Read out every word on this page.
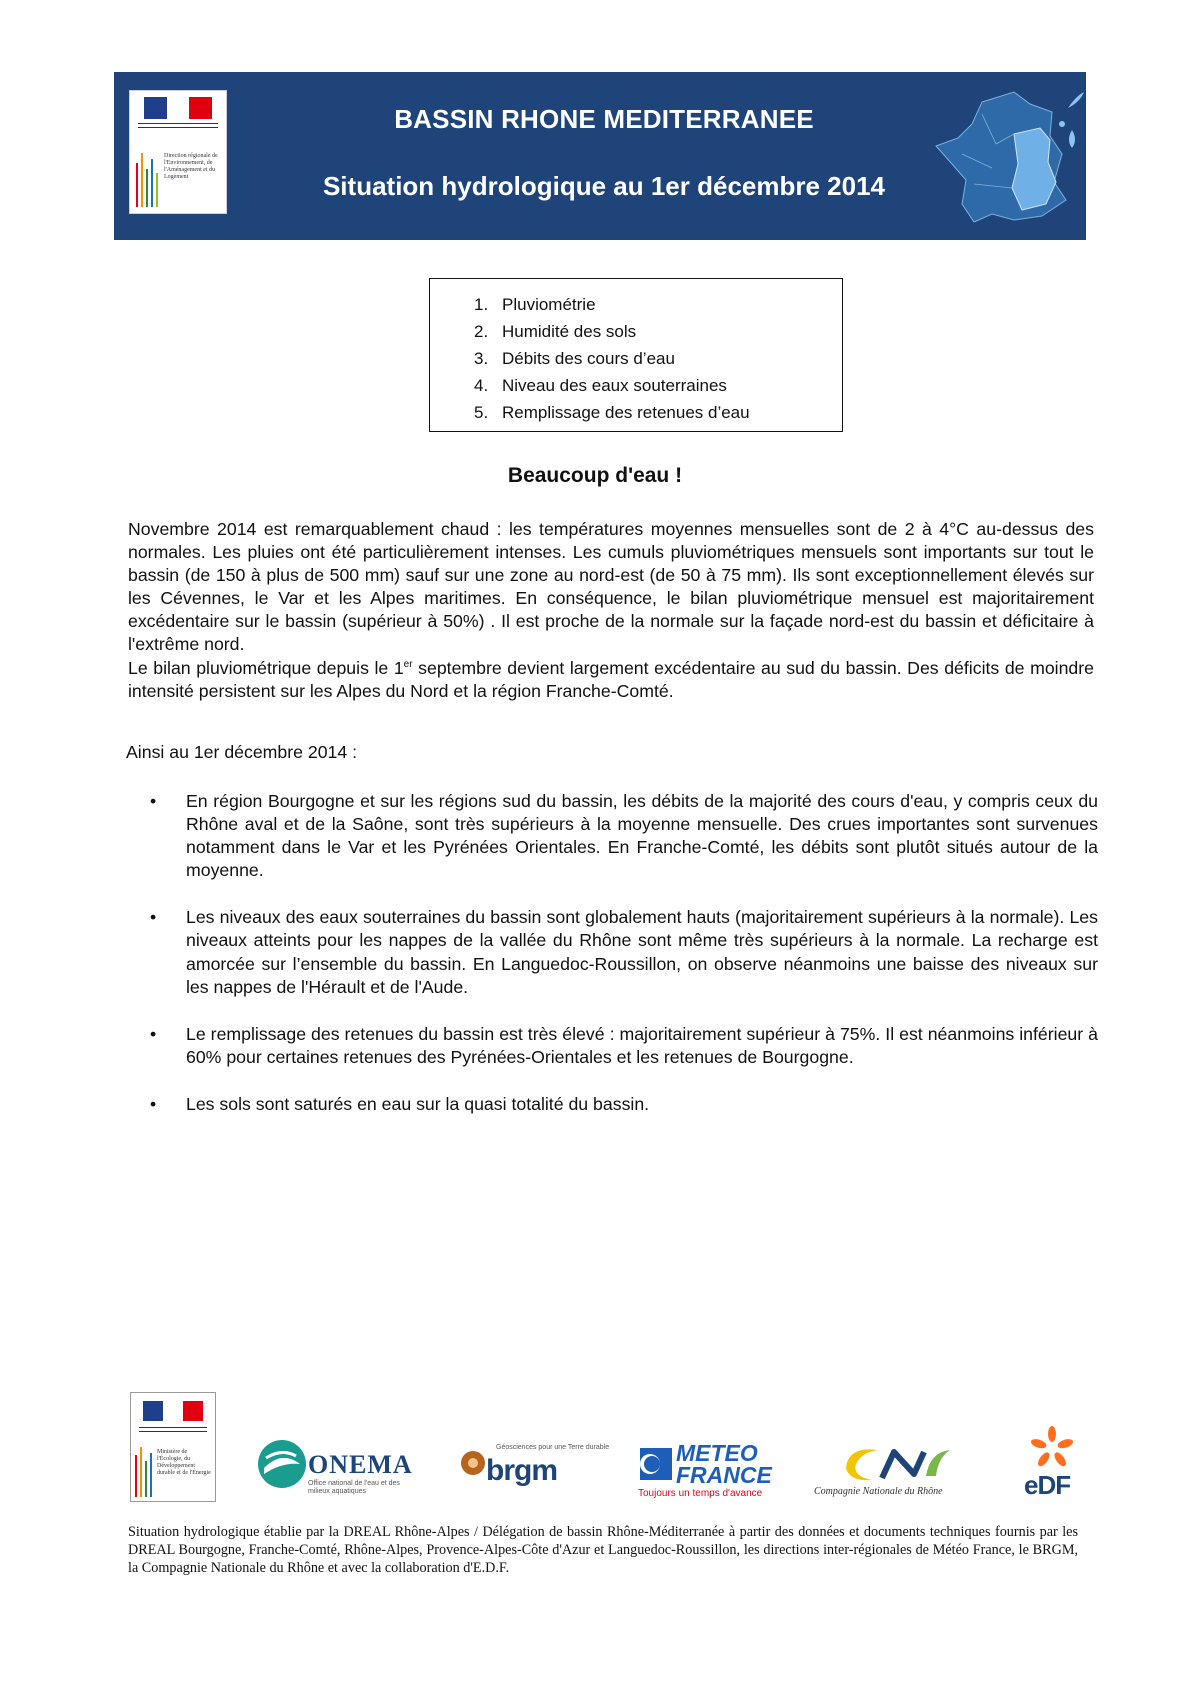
Direction régionale de l'Environnement, de l'Aménagement et du Logement
BASSIN RHONE MEDITERRANEE
Situation hydrologique au 1er décembre 2014
1. Pluviométrie
2. Humidité des sols
3. Débits des cours d’eau
4. Niveau des eaux souterraines
5. Remplissage des retenues d’eau
Beaucoup d'eau !

Novembre 2014 est remarquablement chaud : les températures moyennes mensuelles sont de 2 à 4°C au-dessus des normales. Les pluies ont été particulièrement intenses. Les cumuls pluviométriques mensuels sont importants sur tout le bassin (de 150 à plus de 500 mm) sauf sur une zone au nord-est (de 50 à 75 mm). Ils sont exceptionnellement élevés sur les Cévennes, le Var et les Alpes maritimes. En conséquence, le bilan pluviométrique mensuel est majoritairement excédentaire sur le bassin (supérieur à 50%) . Il est proche de la normale sur la façade nord-est du bassin et déficitaire à l'extrême nord.

Le bilan pluviométrique depuis le 1er septembre devient largement excédentaire au sud du bassin. Des déficits de moindre intensité persistent sur les Alpes du Nord et la région Franche-Comté.

Ainsi au 1er décembre 2014 :
• En région Bourgogne et sur les régions sud du bassin, les débits de la majorité des cours d'eau, y compris ceux du Rhône aval et de la Saône, sont très supérieurs à la moyenne mensuelle. Des crues importantes sont survenues notamment dans le Var et les Pyrénées Orientales. En Franche-Comté, les débits sont plutôt situés autour de la moyenne.
• Les niveaux des eaux souterraines du bassin sont globalement hauts (majoritairement supérieurs à la normale). Les niveaux atteints pour les nappes de la vallée du Rhône sont même très supérieurs à la normale. La recharge est amorcée sur l’ensemble du bassin. En Languedoc-Roussillon, on observe néanmoins une baisse des niveaux sur les nappes de l'Hérault et de l'Aude.
• Le remplissage des retenues du bassin est très élevé : majoritairement supérieur à 75%. Il est néanmoins inférieur à 60% pour certaines retenues des Pyrénées-Orientales et les retenues de Bourgogne.
• Les sols sont saturés en eau sur la quasi totalité du bassin.
Ministère de l'Écologie, du Développement durable et de l'Énergie	ONEMA
Office national de l'eau et des milieux aquatiques
Géosciences pour une Terre durable
brgm
METEO
FRANCE
Toujours un temps d'avance	Compagnie Nationale du Rhône	eDF

Situation hydrologique établie par la DREAL Rhône-Alpes / Délégation de bassin Rhône-Méditerranée à partir des données et documents techniques fournis par les DREAL Bourgogne, Franche-Comté, Rhône-Alpes, Provence-Alpes-Côte d'Azur et Languedoc-Roussillon, les directions inter-régionales de Météo France, le BRGM, la Compagnie Nationale du Rhône et avec la collaboration d'E.D.F.
